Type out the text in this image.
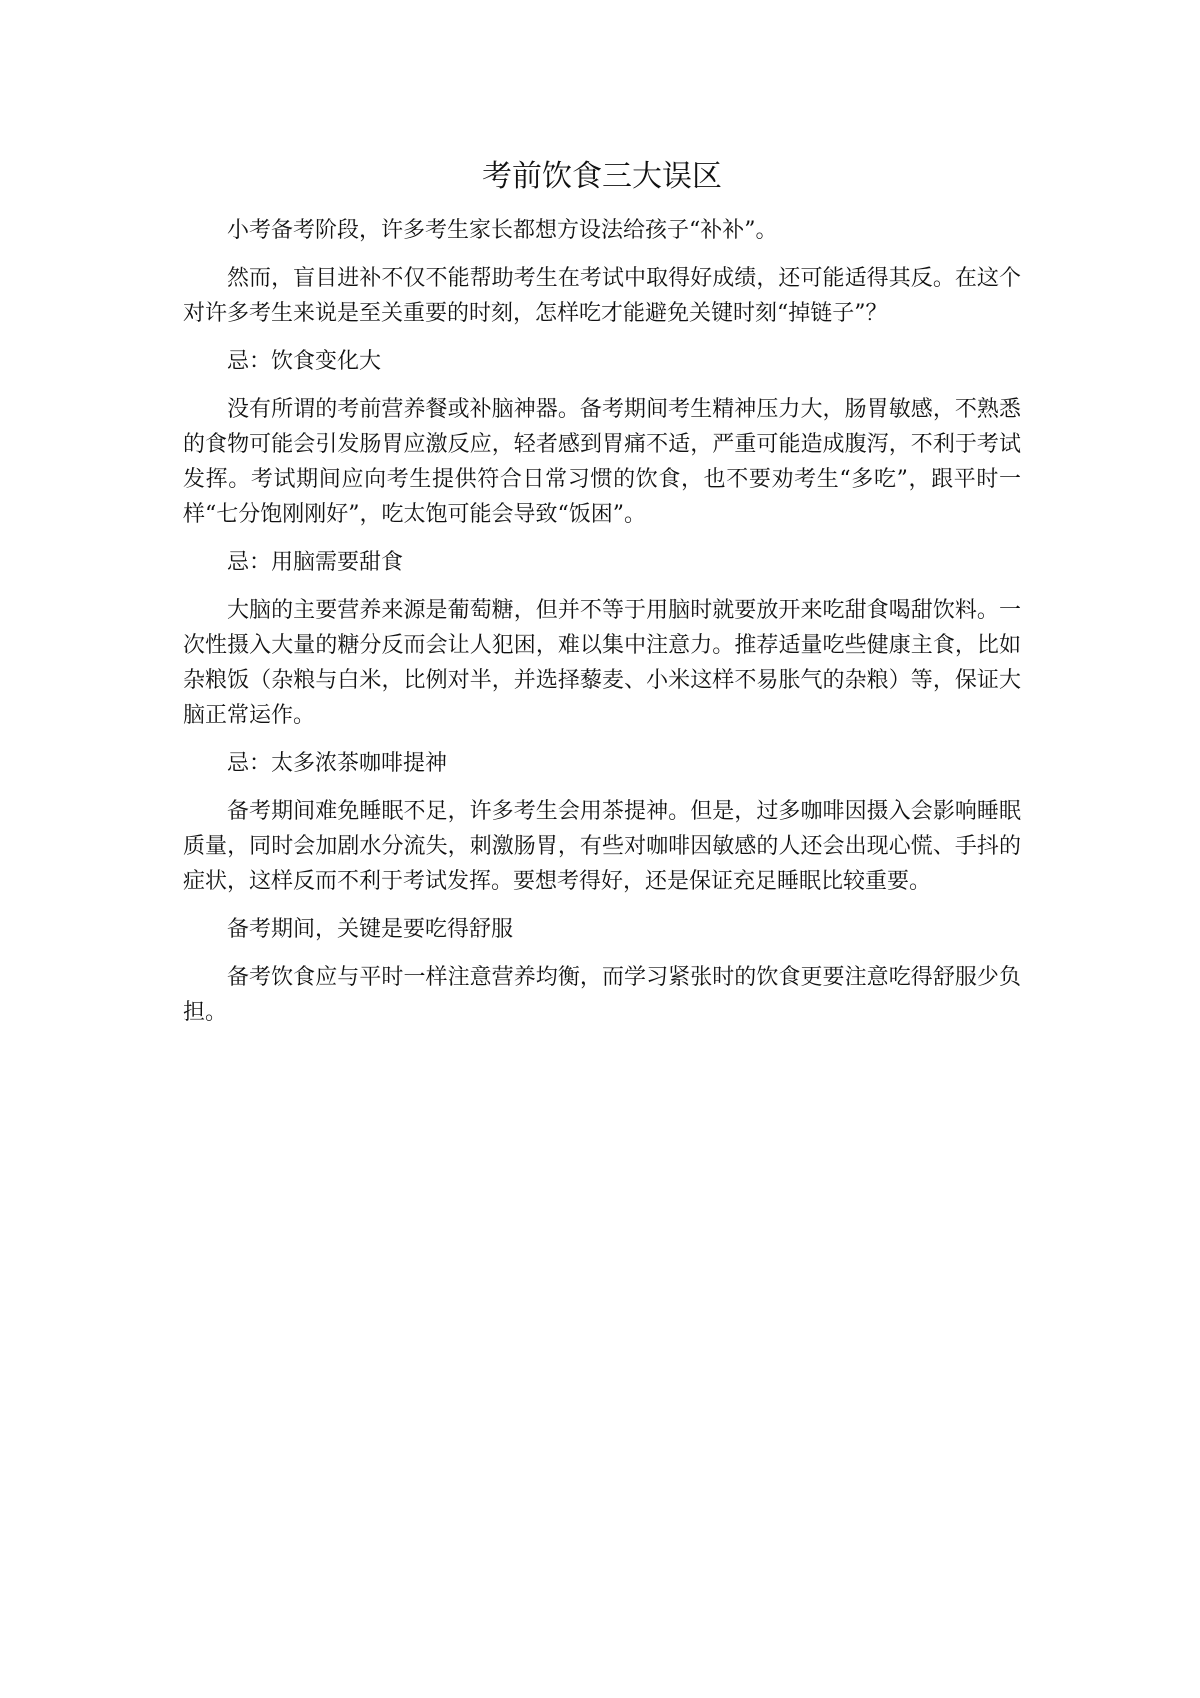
考前饮食三大误区

小考备考阶段，许多考生家长都想方设法给孩子“补补”。

然而，盲目进补不仅不能帮助考生在考试中取得好成绩，还可能适得其反。在这个对许多考生来说是至关重要的时刻，怎样吃才能避免关键时刻“掉链子”？

忌：饮食变化大

没有所谓的考前营养餐或补脑神器。备考期间考生精神压力大，肠胃敏感，不熟悉的食物可能会引发肠胃应激反应，轻者感到胃痛不适，严重可能造成腹泻，不利于考试发挥。考试期间应向考生提供符合日常习惯的饮食，也不要劝考生“多吃”，跟平时一样“七分饱刚刚好”，吃太饱可能会导致“饭困”。

忌：用脑需要甜食

大脑的主要营养来源是葡萄糖，但并不等于用脑时就要放开来吃甜食喝甜饮料。一次性摄入大量的糖分反而会让人犯困，难以集中注意力。推荐适量吃些健康主食，比如杂粮饭（杂粮与白米，比例对半，并选择藜麦、小米这样不易胀气的杂粮）等，保证大脑正常运作。

忌：太多浓茶咖啡提神

备考期间难免睡眠不足，许多考生会用茶提神。但是，过多咖啡因摄入会影响睡眠质量，同时会加剧水分流失，刺激肠胃，有些对咖啡因敏感的人还会出现心慌、手抖的症状，这样反而不利于考试发挥。要想考得好，还是保证充足睡眠比较重要。

备考期间，关键是要吃得舒服

备考饮食应与平时一样注意营养均衡，而学习紧张时的饮食更要注意吃得舒服少负担。
